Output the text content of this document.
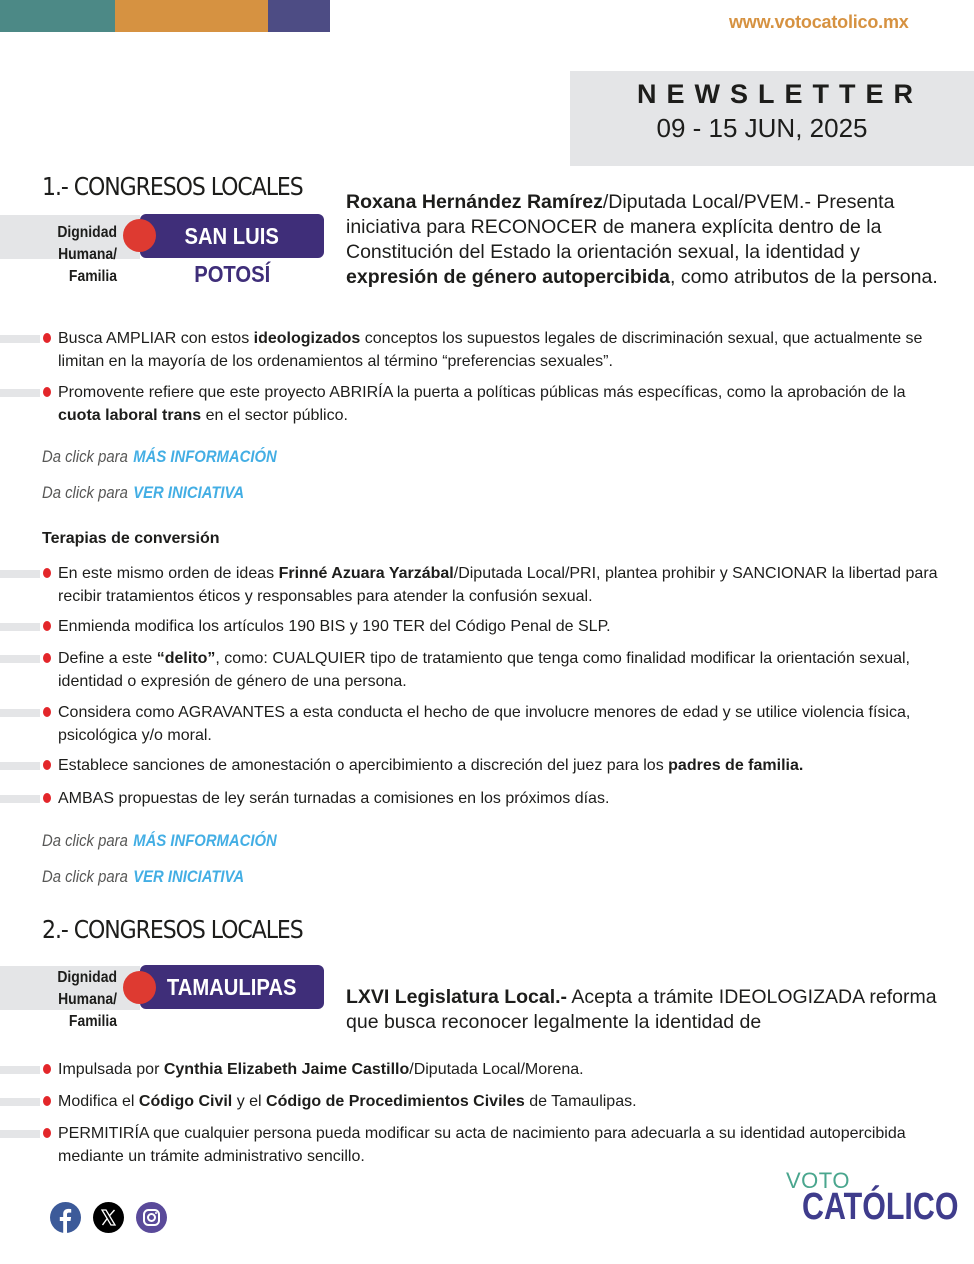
www.votocatolico.mx
NEWSLETTER
09 - 15 JUN, 2025
1.- CONGRESOS LOCALES
Dignidad
Humana/
Familia
SAN LUIS
POTOSÍ
Roxana Hernández Ramírez/Diputada Local/PVEM.- Presenta iniciativa para RECONOCER de manera explícita dentro de la Constitución del Estado la orientación sexual, la identidad y expresión de género autopercibida, como atributos de la persona.
Busca AMPLIAR con estos ideologizados conceptos los supuestos legales de discriminación sexual, que actualmente se limitan en la mayoría de los ordenamientos al término “preferencias sexuales”.
Promovente refiere que este proyecto ABRIRÍA la puerta a políticas públicas más específicas, como la aprobación de la cuota laboral trans en el sector público.
Da click para MÁS INFORMACIÓN
Da click para VER INICIATIVA
Terapias de conversión
En este mismo orden de ideas Frinné Azuara Yarzábal/Diputada Local/PRI, plantea prohibir y SANCIONAR la libertad para recibir tratamientos éticos y responsables para atender la confusión sexual.
Enmienda modifica los artículos 190 BIS y 190 TER del Código Penal de SLP.
Define a este “delito”, como: CUALQUIER tipo de tratamiento que tenga como finalidad modificar la orientación sexual, identidad o expresión de género de una persona.
Considera como AGRAVANTES a esta conducta el hecho de que involucre menores de edad y se utilice violencia física, psicológica y/o moral.
Establece sanciones de amonestación o apercibimiento a discreción del juez para los padres de familia.
AMBAS propuestas de ley serán turnadas a comisiones en los próximos días.
Da click para MÁS INFORMACIÓN
Da click para VER INICIATIVA
2.- CONGRESOS LOCALES
Dignidad
Humana/
Familia
TAMAULIPAS	LXVI Legislatura Local.- Acepta a trámite IDEOLOGIZADA reforma que busca reconocer legalmente la identidad de
Impulsada por Cynthia Elizabeth Jaime Castillo/Diputada Local/Morena.
Modifica el Código Civil y el Código de Procedimientos Civiles de Tamaulipas.
PERMITIRÍA que cualquier persona pueda modificar su acta de nacimiento para adecuarla a su identidad autopercibida mediante un trámite administrativo sencillo.
VOTO
CATÓLICO
